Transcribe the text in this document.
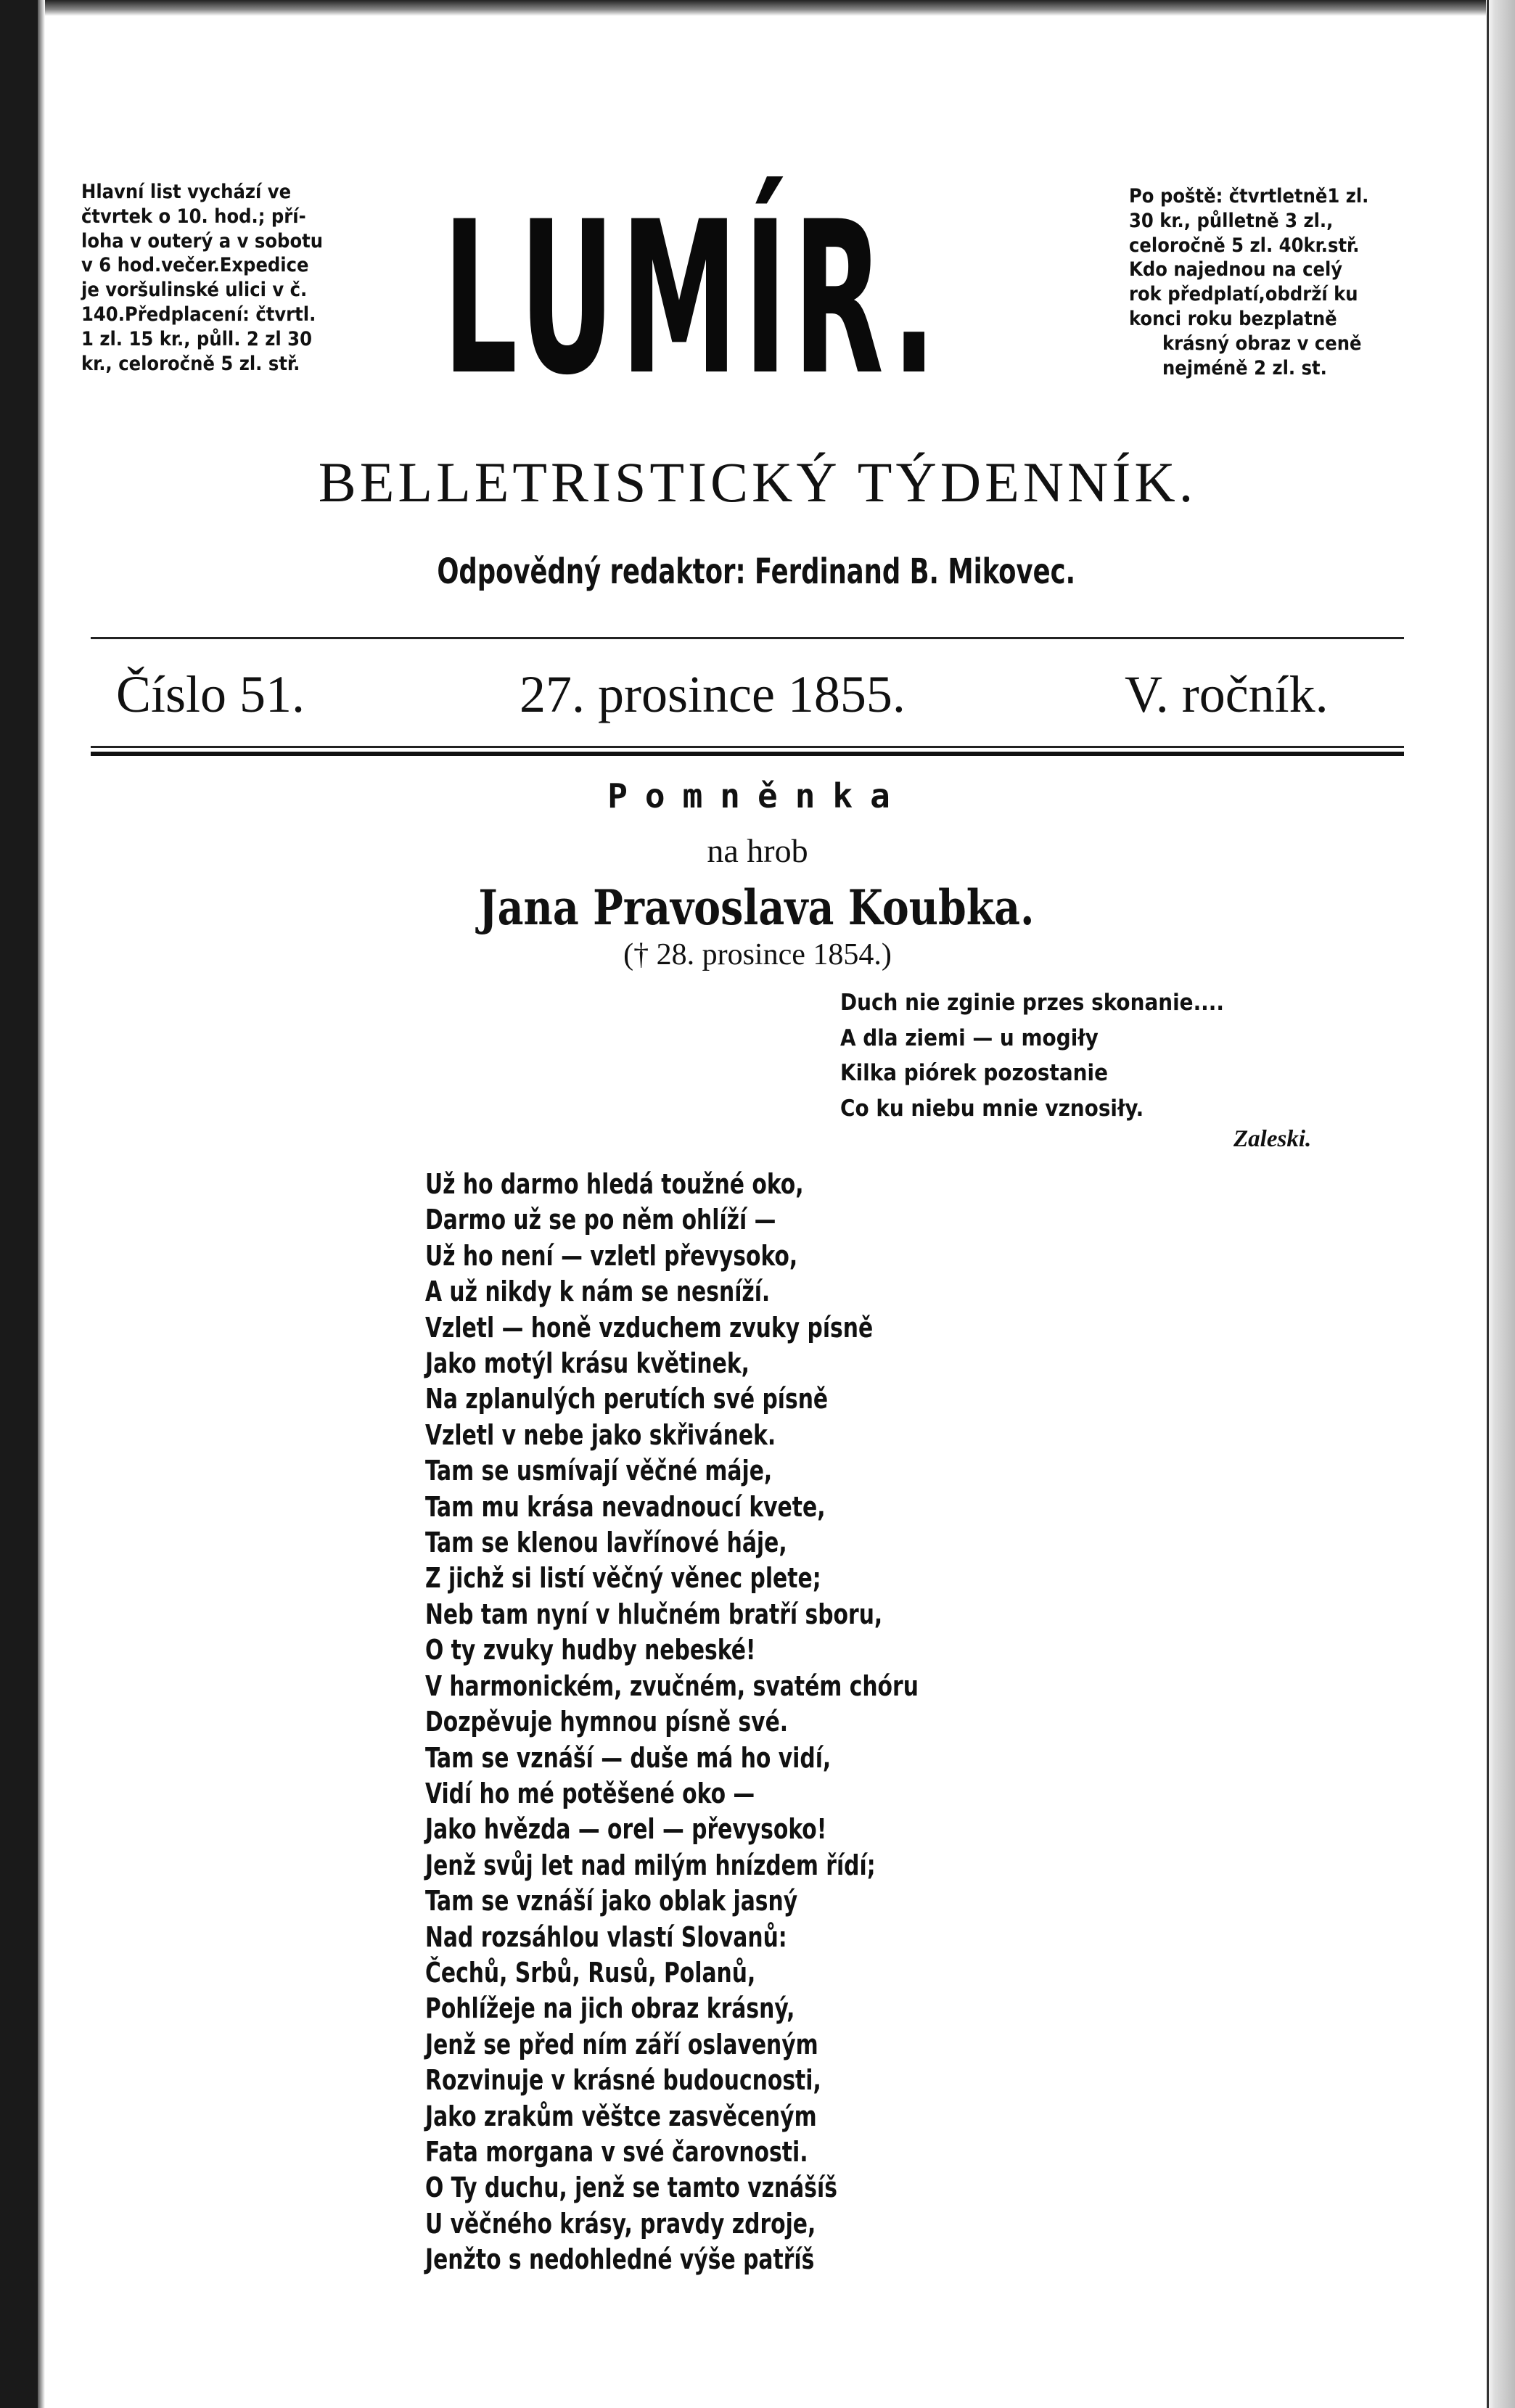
Hlavní list vychází ve
čtvrtek o 10. hod.; pří-
loha v outerý a v sobotu
v 6 hod.večer.Expedice
je voršulinské ulici v č.
140.Předplacení: čtvrtl.
1 zl. 15 kr., půll. 2 zl 30
kr., celoročně 5 zl. stř. LUMÍR.	Po poště: čtvrtletně1 zl.
30 kr., půlletně 3 zl.,
celoročně 5 zl. 40kr.stř.
Kdo najednou na celý
rok předplatí,obdrží ku
konci roku bezplatně
krásný obraz v ceně
nejméně 2 zl. st.
BELLETRISTICKÝ TÝDENNÍK.
Odpovědný redaktor: Ferdinand B. Mikovec.
Číslo 51.	27. prosince 1855.	V. ročník.
Pomněnka
na hrob
Jana Pravoslava Koubka.
(† 28. prosince 1854.)
Duch nie zginie przes skonanie....
A dla ziemi — u mogiły
Kilka piórek pozostanie
Co ku niebu mnie vznosiły.
Zaleski.
Už ho darmo hledá toužné oko,
Darmo už se po něm ohlíží —
Už ho není — vzletl převysoko,
A už nikdy k nám se nesníží.
Vzletl — honě vzduchem zvuky písně
Jako motýl krásu květinek,
Na zplanulých perutích své písně
Vzletl v nebe jako skřivánek.
Tam se usmívají věčné máje,
Tam mu krása nevadnoucí kvete,
Tam se klenou lavřínové háje,
Z jichž si listí věčný věnec plete;
Neb tam nyní v hlučném bratří sboru,
O ty zvuky hudby nebeské!
V harmonickém, zvučném, svatém chóru
Dozpěvuje hymnou písně své.
Tam se vznáší — duše má ho vidí,
Vidí ho mé potěšené oko —
Jako hvězda — orel — převysoko!
Jenž svůj let nad milým hnízdem řídí;
Tam se vznáší jako oblak jasný
Nad rozsáhlou vlastí Slovanů:
Čechů, Srbů, Rusů, Polanů,
Pohlížeje na jich obraz krásný,
Jenž se před ním září oslaveným
Rozvinuje v krásné budoucnosti,
Jako zrakům věštce zasvěceným
Fata morgana v své čarovnosti.
O Ty duchu, jenž se tamto vznášíš
U věčného krásy, pravdy zdroje,
Jenžto s nedohledné výše patříš
